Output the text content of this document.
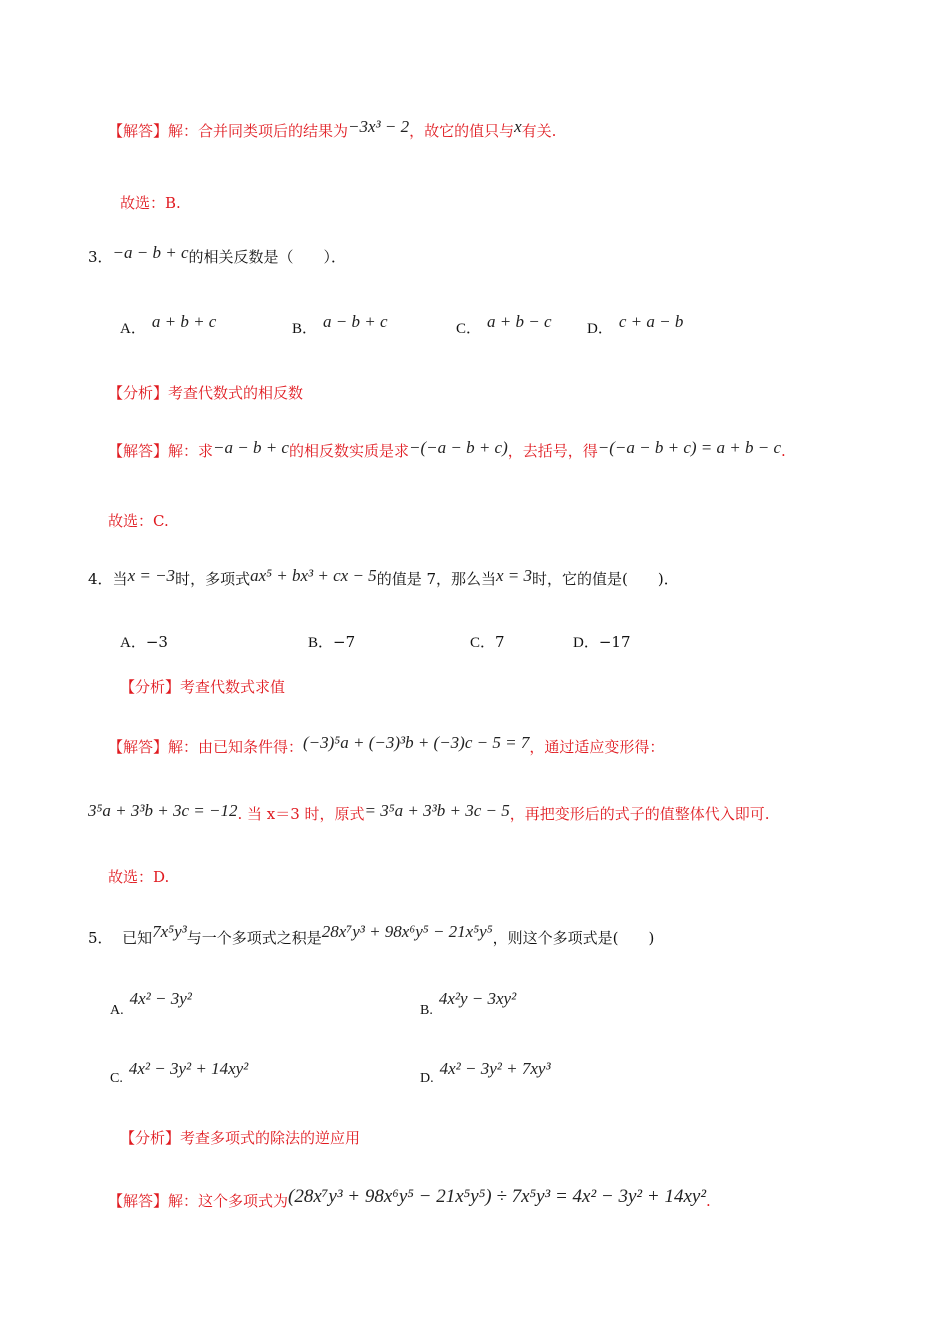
【解答】解：合并同类项后的结果为−3x³ − 2，故它的值只与x有关.
故选：B.
3．−a − b + c的相关反数是（　　）．
A． a + b + c	B． a − b + c	C． a + b − c D． c + a − b
【分析】考查代数式的相反数
【解答】解：求−a − b + c的相反数实质是求−(−a − b + c)，去括号，得−(−a − b + c) = a + b − c.
故选：C.
4．当x = −3时，多项式ax⁵ + bx³ + cx − 5的值是 7，那么当x = 3时，它的值是(　　)．
A．−3	B．−7	C．7	D．−17
【分析】考查代数式求值
【解答】解：由已知条件得：(−3)⁵a + (−3)³b + (−3)c − 5 = 7，通过适应变形得：
3⁵a + 3³b + 3c = −12. 当 x＝3 时，原式= 3⁵a + 3³b + 3c − 5，再把变形后的式子的值整体代入即可.
故选：D.
5． 已知7x⁵y³与一个多项式之积是28x⁷y³ + 98x⁶y⁵ − 21x⁵y⁵，则这个多项式是(　　)
A.4x² − 3y²
B.4x²y − 3xy²
C.4x² − 3y² + 14xy²
D.4x² − 3y² + 7xy³
【分析】考查多项式的除法的逆应用
【解答】解：这个多项式为(28x⁷y³ + 98x⁶y⁵ − 21x⁵y⁵) ÷ 7x⁵y³ = 4x² − 3y² + 14xy².
